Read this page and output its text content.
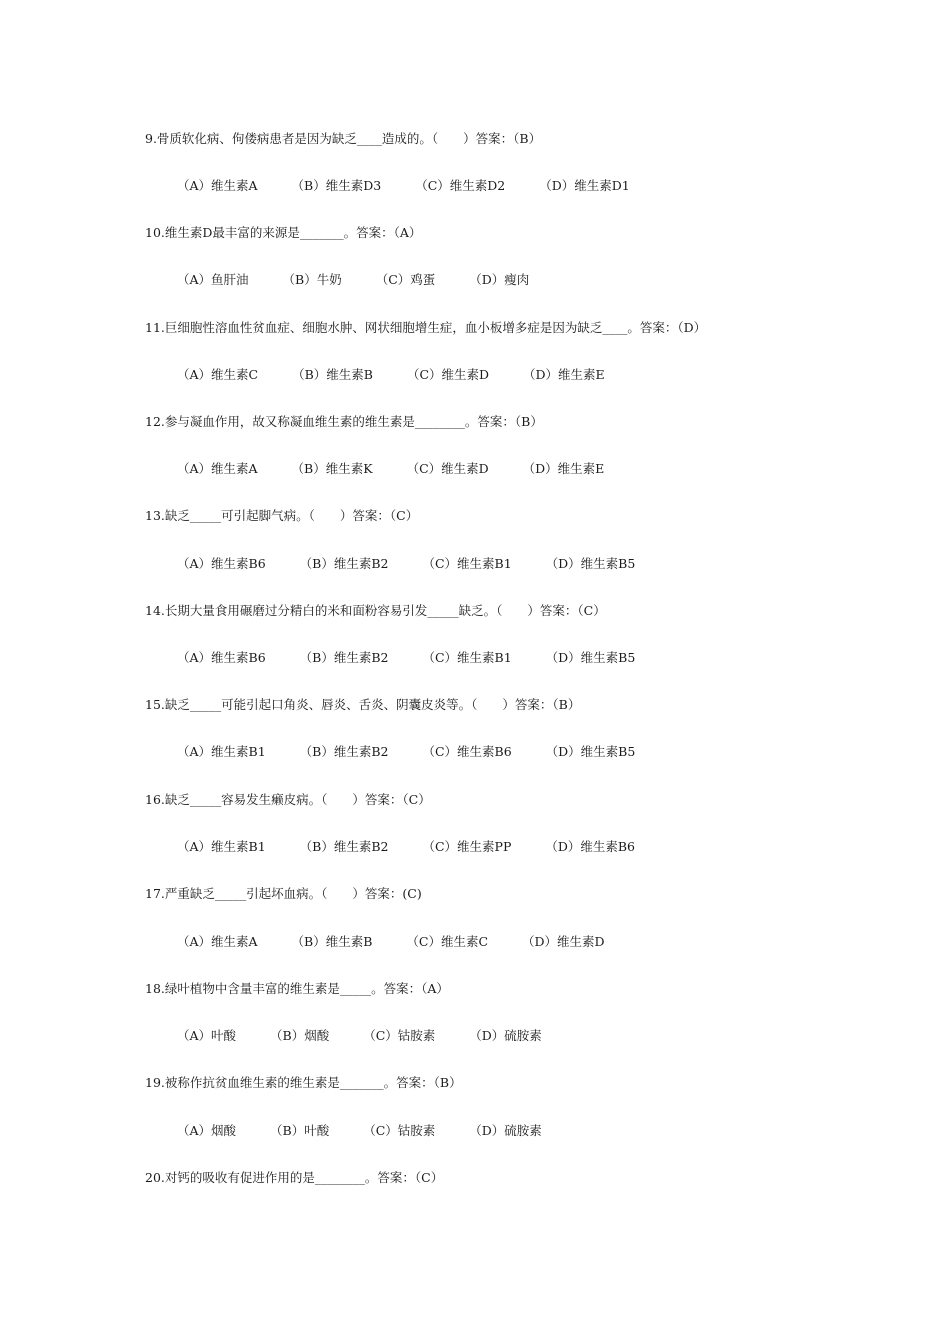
9.骨质软化病、佝偻病患者是因为缺乏____造成的。（　　）答案：（B）
（A）维生素A	（B）维生素D3	（C）维生素D2	（D）维生素D1
10.维生素D最丰富的来源是_______。答案：（A）
（A）鱼肝油	（B）牛奶	（C）鸡蛋	（D）瘦肉
11.巨细胞性溶血性贫血症、细胞水肿、网状细胞增生症，血小板增多症是因为缺乏____。答案：（D）
（A）维生素C	（B）维生素B	（C）维生素D	（D）维生素E
12.参与凝血作用，故又称凝血维生素的维生素是________。答案：（B）
（A）维生素A	（B）维生素K	（C）维生素D	（D）维生素E
13.缺乏_____可引起脚气病。（　　）答案：（C）
（A）维生素B6	（B）维生素B2	（C）维生素B1	（D）维生素B5
14.长期大量食用碾磨过分精白的米和面粉容易引发_____缺乏。（　　）答案：（C）
（A）维生素B6	（B）维生素B2	（C）维生素B1	（D）维生素B5
15.缺乏_____可能引起口角炎、唇炎、舌炎、阴囊皮炎等。（　　）答案：（B）
（A）维生素B1	（B）维生素B2	（C）维生素B6	（D）维生素B5
16.缺乏_____容易发生癞皮病。（　　）答案：（C）
（A）维生素B1	（B）维生素B2	（C）维生素PP	（D）维生素B6
17.严重缺乏_____引起坏血病。（　　）答案：(C)
（A）维生素A	（B）维生素B	（C）维生素C	（D）维生素D
18.绿叶植物中含量丰富的维生素是_____。答案：（A）
（A）叶酸	（B）烟酸	（C）钴胺素	（D）硫胺素
19.被称作抗贫血维生素的维生素是_______。答案：（B）
（A）烟酸	（B）叶酸	（C）钴胺素	（D）硫胺素
20.对钙的吸收有促进作用的是________。答案：（C）
